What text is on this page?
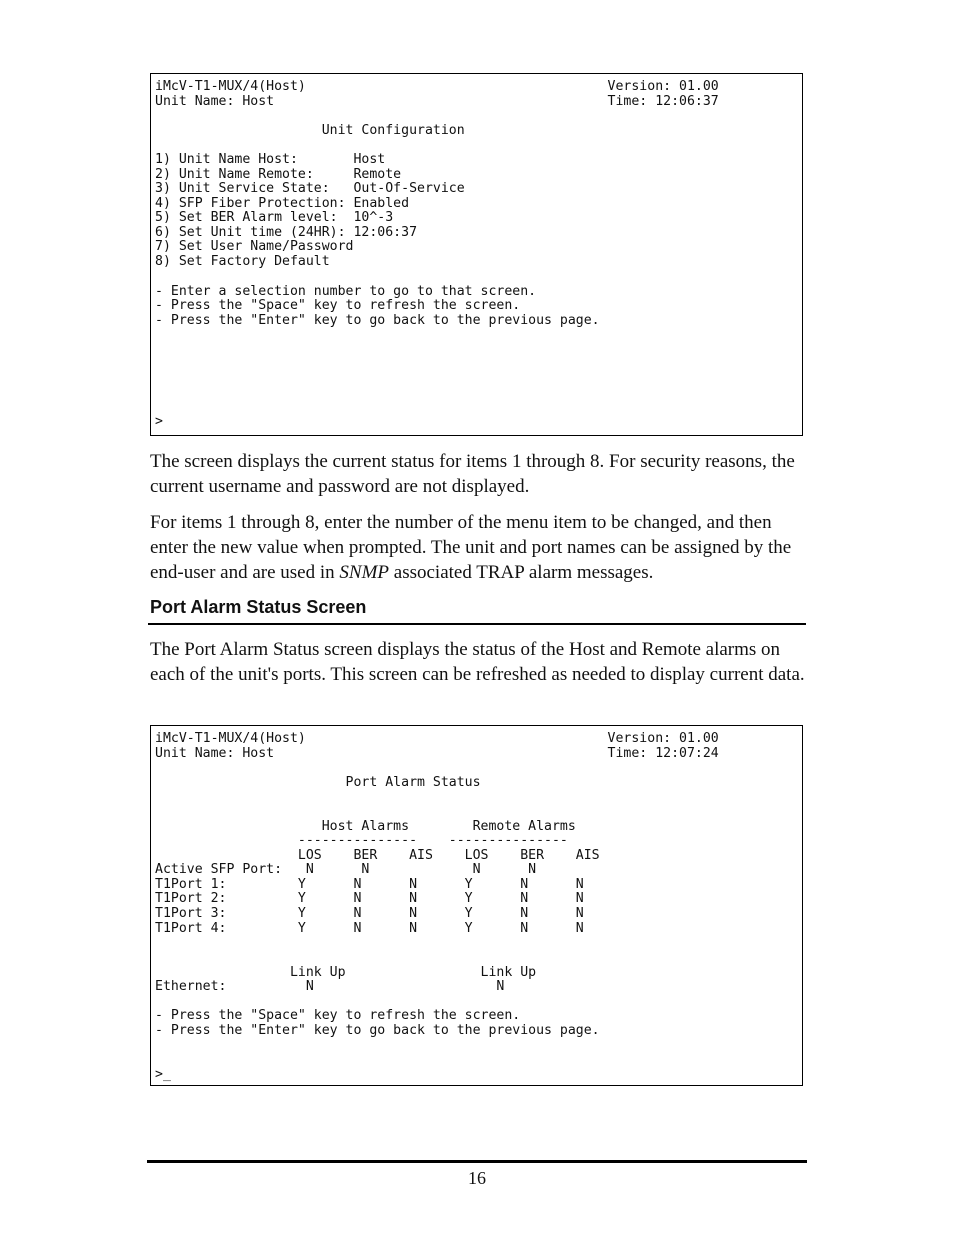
iMcV-T1-MUX/4(Host)                                      Version: 01.00
Unit Name: Host                                          Time: 12:06:37
Unit Configuration
1) Unit Name Host:       Host
2) Unit Name Remote:     Remote
3) Unit Service State:   Out-Of-Service
4) SFP Fiber Protection: Enabled
5) Set BER Alarm level:  10^-3
6) Set Unit time (24HR): 12:06:37
7) Set User Name/Password
8) Set Factory Default
- Enter a selection number to go to that screen.
- Press the "Space" key to refresh the screen.
- Press the "Enter" key to go back to the previous page.
>

The screen displays the current status for items 1 through 8. For security reasons, the current username and password are not displayed.

For items 1 through 8, enter the number of the menu item to be changed, and then enter the new value when prompted. The unit and port names can be assigned by the end-user and are used in SNMP associated TRAP alarm messages.

Port Alarm Status Screen

The Port Alarm Status screen displays the status of the Host and Remote alarms on each of the unit's ports. This screen can be refreshed as needed to display current data.

iMcV-T1-MUX/4(Host)                                      Version: 01.00
Unit Name: Host                                          Time: 12:07:24
Port Alarm Status
Host Alarms        Remote Alarms
---------------    ---------------
LOS    BER    AIS    LOS    BER    AIS
Active SFP Port:   N      N             N      N
T1Port 1:         Y      N      N      Y      N      N
T1Port 2:         Y      N      N      Y      N      N
T1Port 3:         Y      N      N      Y      N      N
T1Port 4:         Y      N      N      Y      N      N
Link Up                 Link Up
Ethernet:          N                       N
- Press the "Space" key to refresh the screen.
- Press the "Enter" key to go back to the previous page.
>_
16
